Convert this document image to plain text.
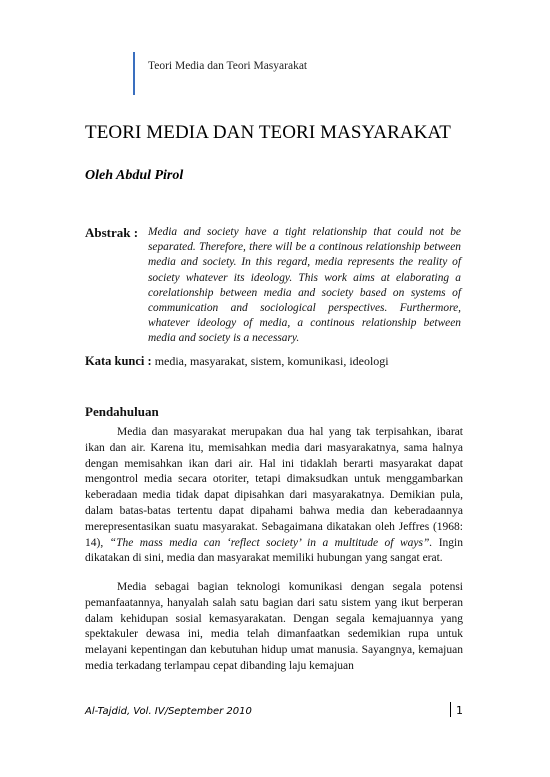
Teori Media dan Teori Masyarakat
TEORI MEDIA DAN TEORI MASYARAKAT

Oleh Abdul Pirol

Abstrak : Media and society have a tight relationship that could not be separated. Therefore, there will be a continous relationship between media and society. In this regard, media represents the reality of society whatever its ideology. This work aims at elaborating a corelationship between media and society based on systems of communication and sociological perspectives. Furthermore, whatever ideology of media, a continous relationship between media and society is a necessary.

Kata kunci : media, masyarakat, sistem, komunikasi, ideologi

Pendahuluan

Media dan masyarakat merupakan dua hal yang tak terpisahkan, ibarat ikan dan air. Karena itu, memisahkan media dari masyarakatnya, sama halnya dengan memisahkan ikan dari air. Hal ini tidaklah berarti masyarakat dapat mengontrol media secara otoriter, tetapi dimaksudkan untuk menggambarkan keberadaan media tidak dapat dipisahkan dari masyarakatnya. Demikian pula, dalam batas-batas tertentu dapat dipahami bahwa media dan keberadaannya merepresentasikan suatu masyarakat. Sebagaimana dikatakan oleh Jeffres (1968: 14), “The mass media can ‘reflect society’ in a multitude of ways”. Ingin dikatakan di sini, media dan masyarakat memiliki hubungan yang sangat erat.

Media sebagai bagian teknologi komunikasi dengan segala potensi pemanfaatannya, hanyalah salah satu bagian dari satu sistem yang ikut berperan dalam kehidupan sosial kemasyarakatan. Dengan segala kemajuannya yang spektakuler dewasa ini, media telah dimanfaatkan sedemikian rupa untuk melayani kepentingan dan kebutuhan hidup umat manusia. Sayangnya, kemajuan media terkadang terlampau cepat dibanding laju kemajuan

Al-Tajdid, Vol. IV/September 2010	1
